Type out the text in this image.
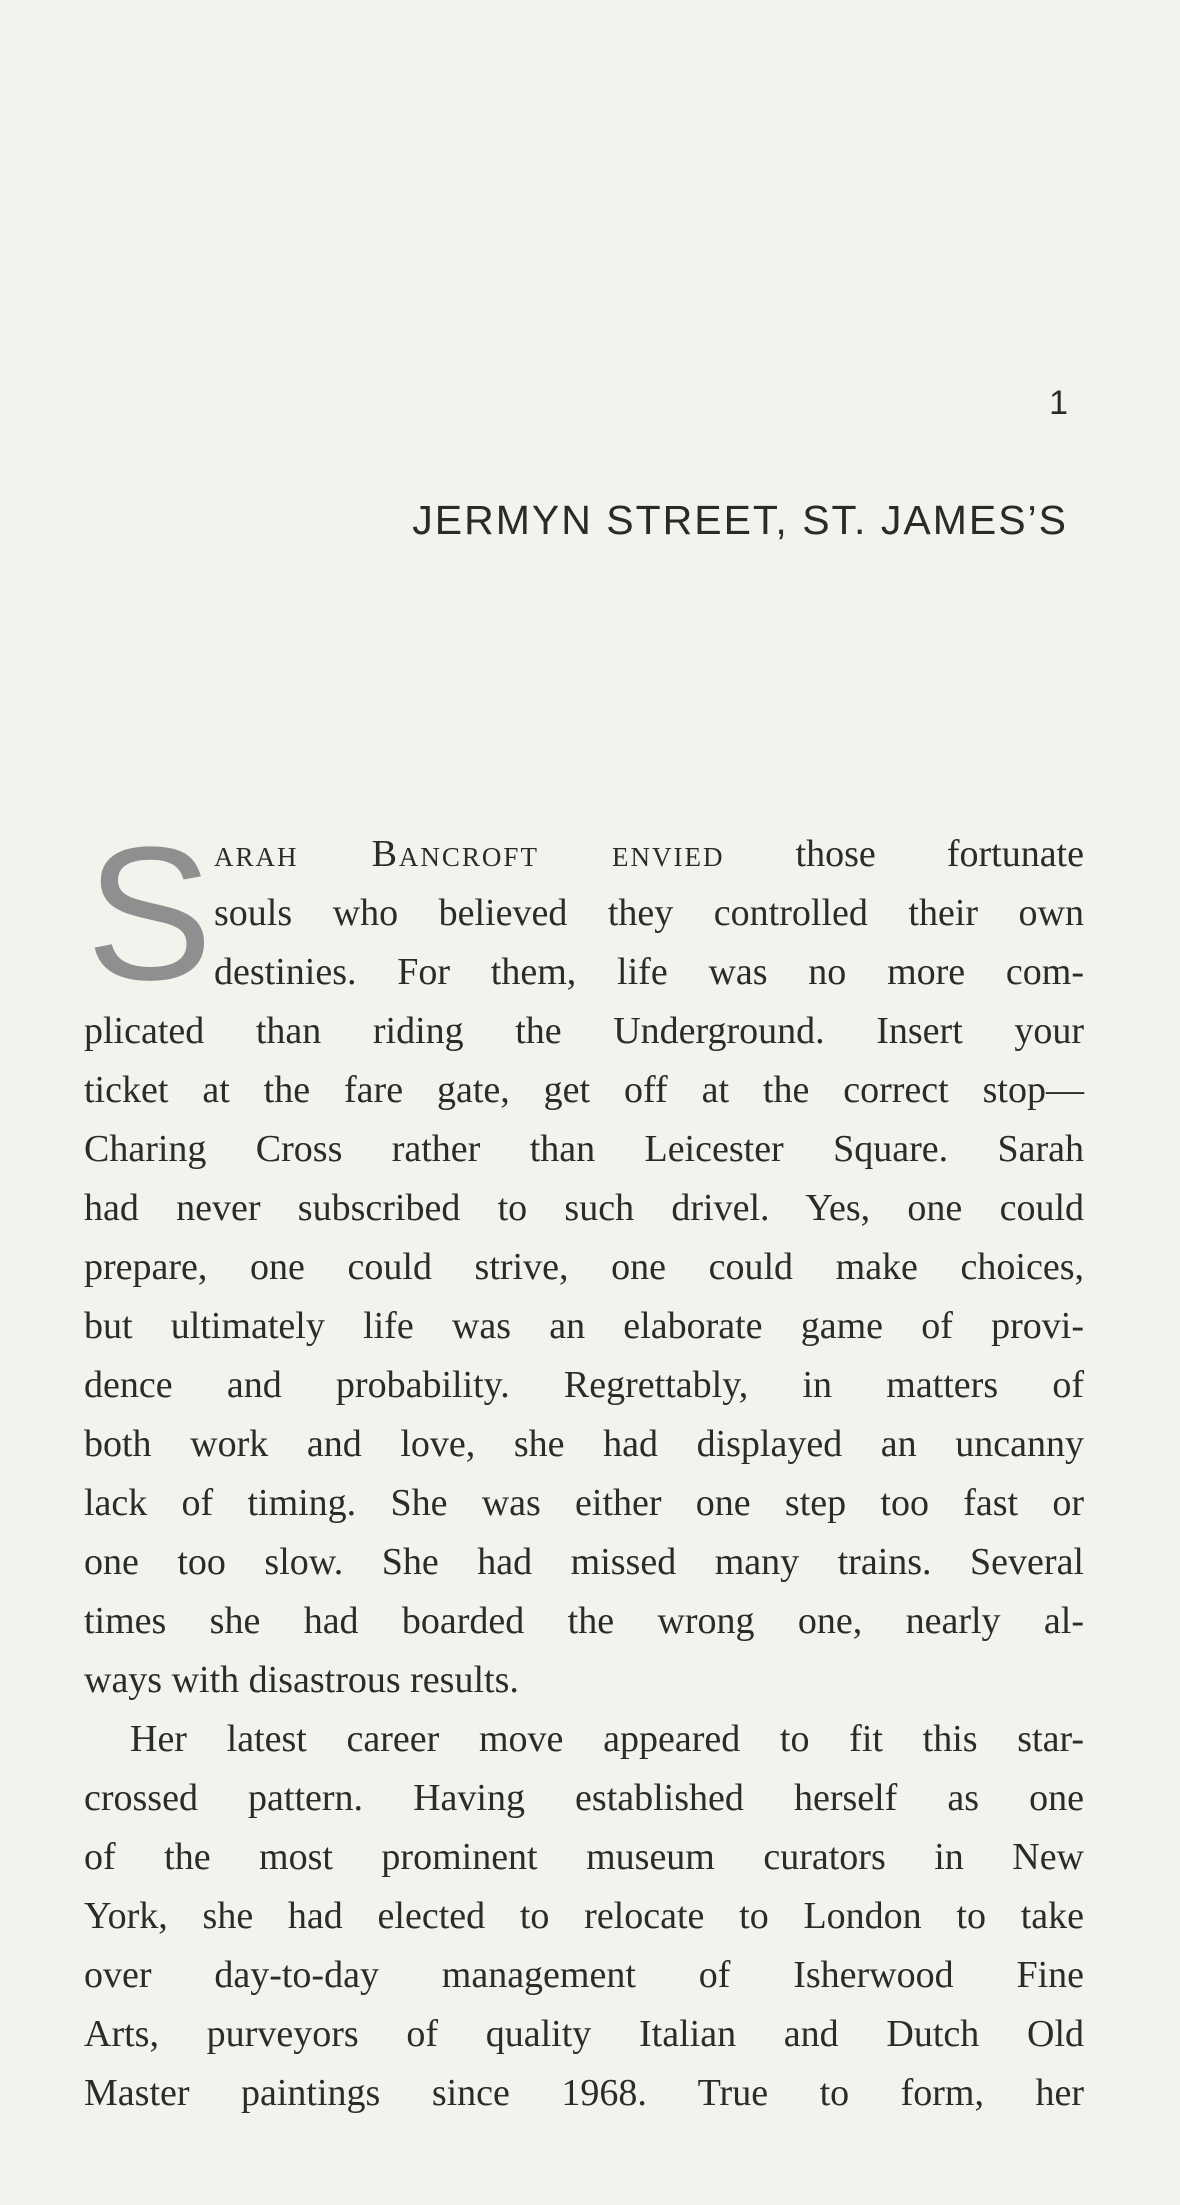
1
JERMYN STREET, ST. JAMES’S
S arah Bancroft envied those fortunate
souls who believed they controlled their own
destinies. For them, life was no more com-
plicated than riding the Underground. Insert your
ticket at the fare gate, get off at the correct stop—
Charing Cross rather than Leicester Square. Sarah
had never subscribed to such drivel. Yes, one could
prepare, one could strive, one could make choices,
but ultimately life was an elaborate game of provi-
dence and probability. Regrettably, in matters of
both work and love, she had displayed an uncanny
lack of timing. She was either one step too fast or
one too slow. She had missed many trains. Several
times she had boarded the wrong one, nearly al-
ways with disastrous results.
Her latest career move appeared to fit this star-
crossed pattern. Having established herself as one
of the most prominent museum curators in New
York, she had elected to relocate to London to take
over day-to-day management of Isherwood Fine
Arts, purveyors of quality Italian and Dutch Old
Master paintings since 1968. True to form, her
